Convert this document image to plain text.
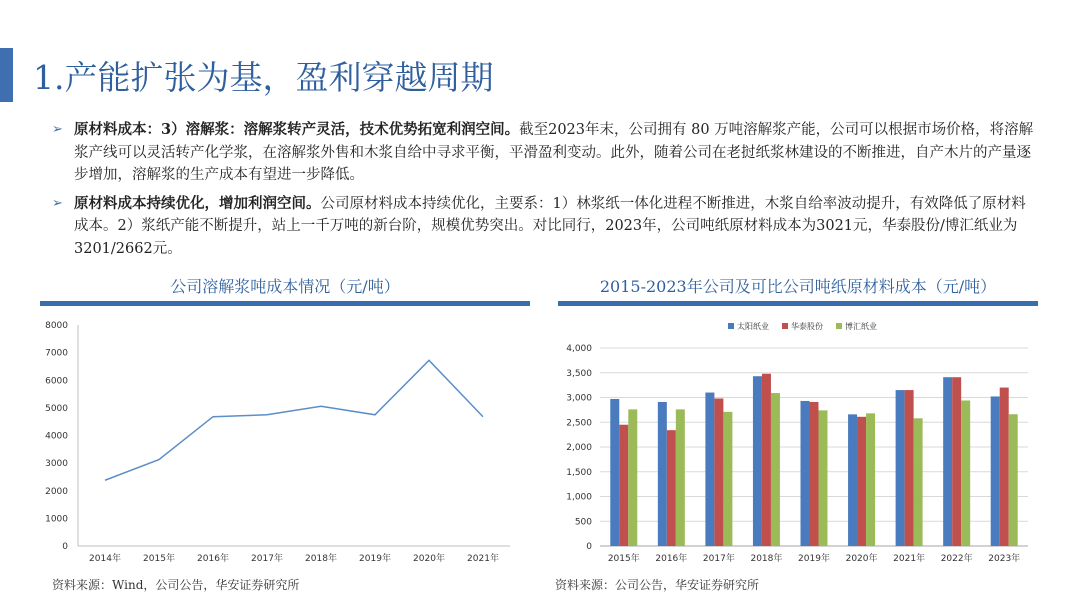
1.产能扩张为基，盈利穿越周期
➢ 原材料成本：3）溶解浆：溶解浆转产灵活，技术优势拓宽利润空间。截至2023年末，公司拥有 80 万吨溶解浆产能，公司可以根据市场价格，将溶解浆产线可以灵活转产化学浆，在溶解浆外售和木浆自给中寻求平衡，平滑盈利变动。此外，随着公司在老挝纸浆林建设的不断推进，自产木片的产量逐步增加，溶解浆的生产成本有望进一步降低。
➢ 原材料成本持续优化，增加利润空间。公司原材料成本持续优化，主要系：1）林浆纸一体化进程不断推进，木浆自给率波动提升，有效降低了原材料成本。2）浆纸产能不断提升，站上一千万吨的新台阶，规模优势突出。对比同行，2023年，公司吨纸原材料成本为3021元，华泰股份/博汇纸业为3201/2662元。
公司溶解浆吨成本情况（元/吨）
0
1000
2000
3000
4000
5000
6000
7000
8000
2014年 2015年 2016年 2017年 2018年 2019年 2020年 2021年
资料来源：Wind，公司公告，华安证券研究所
2015-2023年公司及可比公司吨纸原材料成本（元/吨）
0
500
1,000
1,500
2,000
2,500
3,000
3,500
4,000
2015年 2016年 2017年 2018年 2019年 2020年 2021年 2022年 2023年
太阳纸业	华泰股份	博汇纸业
资料来源：公司公告，华安证券研究所
